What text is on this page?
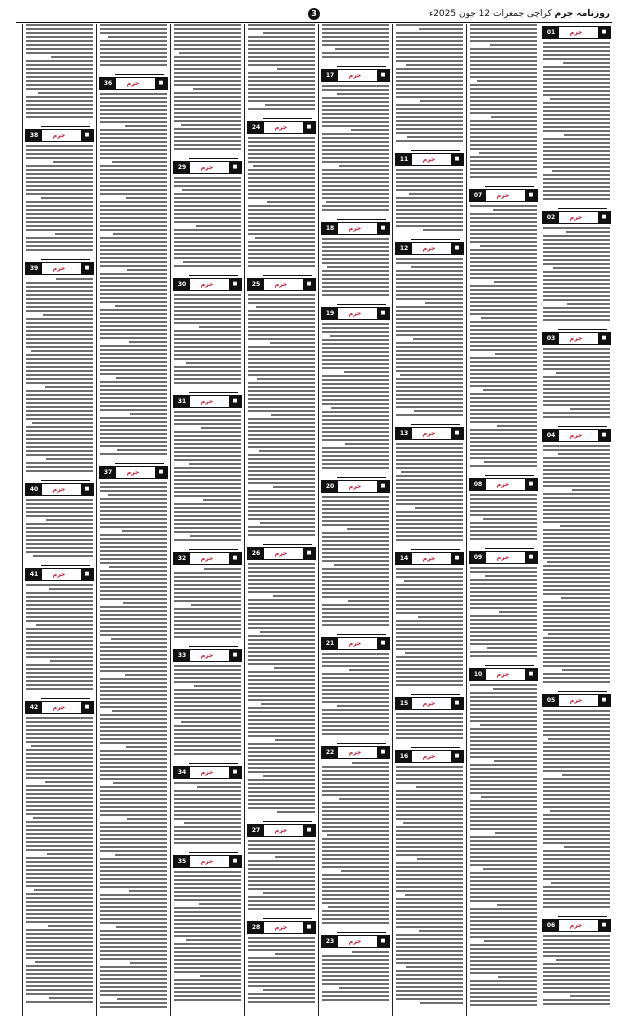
3	روزنامہ جرم کراچی جمعرات 12 جون 2025ء
01	جرم	■
02	جرم	■
03	جرم	■
04	جرم	■
05	جرم	■
06	جرم	■
07	جرم	■
08	جرم	■
09	جرم	■
10	جرم	■
11	جرم	■
12	جرم	■
13	جرم	■
14	جرم	■
15	جرم	■
16	جرم	■
17	جرم	■
18	جرم	■
19	جرم	■
20	جرم	■
21	جرم	■
22	جرم	■
23	جرم	■
24	جرم	■
25	جرم	■
26	جرم	■
27	جرم	■
28	جرم	■
29	جرم	■
30	جرم	■
31	جرم	■
32	جرم	■
33	جرم	■
34	جرم	■
35	جرم	■
36	جرم	■
37	جرم	■
38	جرم	■
39	جرم	■
40	جرم	■
41	جرم	■
42	جرم	■
